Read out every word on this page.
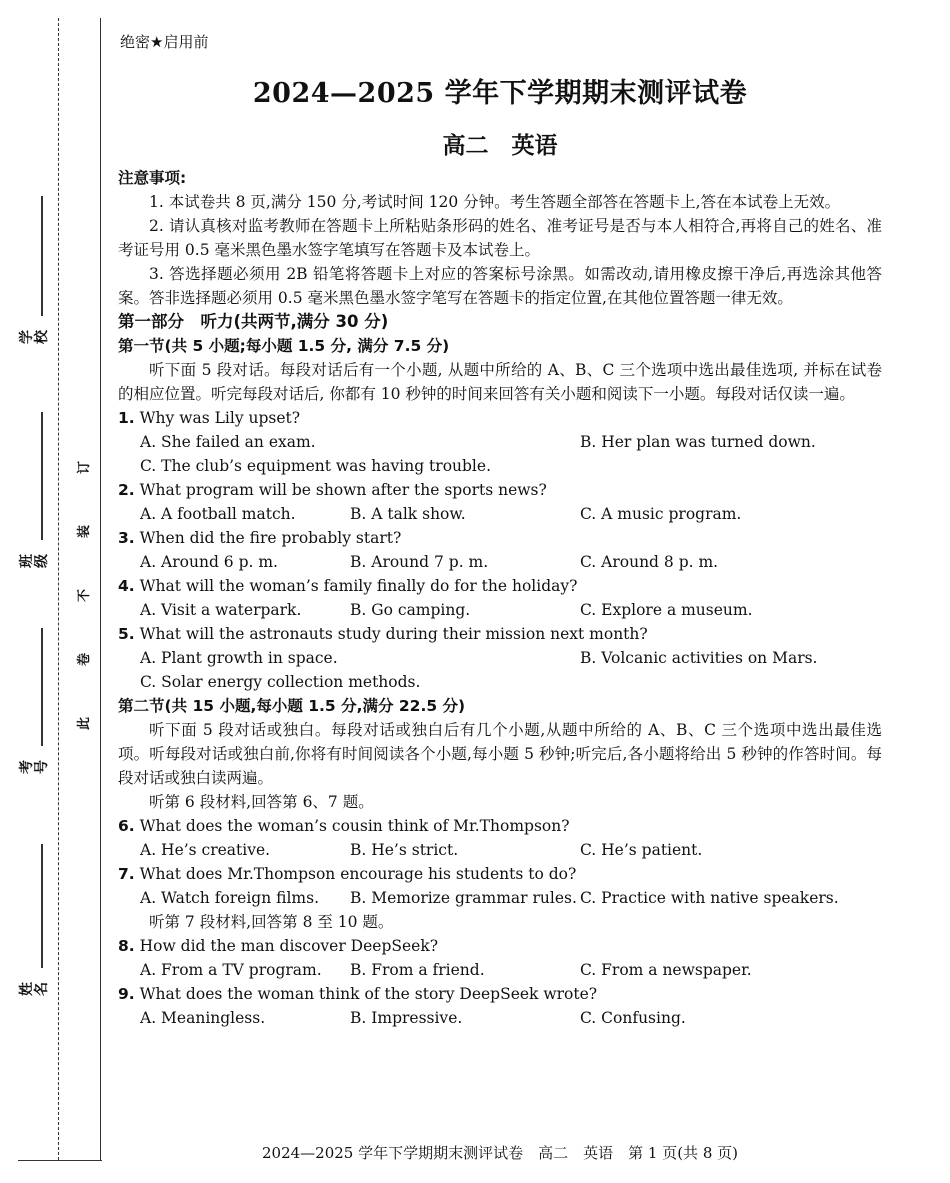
学校
班级
考号
姓名
订
装
不
卷
此
绝密★启用前
2024—2025 学年下学期期末测评试卷
高二　英语
注意事项:
1. 本试卷共 8 页,满分 150 分,考试时间 120 分钟。考生答题全部答在答题卡上,答在本试卷上无效。
2. 请认真核对监考教师在答题卡上所粘贴条形码的姓名、准考证号是否与本人相符合,再将自己的姓名、准考证号用 0.5 毫米黑色墨水签字笔填写在答题卡及本试卷上。
3. 答选择题必须用 2B 铅笔将答题卡上对应的答案标号涂黑。如需改动,请用橡皮擦干净后,再选涂其他答案。答非选择题必须用 0.5 毫米黑色墨水签字笔写在答题卡的指定位置,在其他位置答题一律无效。
第一部分　听力(共两节,满分 30 分)
第一节(共 5 小题;每小题 1.5 分, 满分 7.5 分)
听下面 5 段对话。每段对话后有一个小题, 从题中所给的 A、B、C 三个选项中选出最佳选项, 并标在试卷的相应位置。听完每段对话后, 你都有 10 秒钟的时间来回答有关小题和阅读下一小题。每段对话仅读一遍。
1. Why was Lily upset?
A. She failed an exam.	B. Her plan was turned down.
C. The club’s equipment was having trouble.
2. What program will be shown after the sports news?
A. A football match.	B. A talk show.	C. A music program.
3. When did the fire probably start?
A. Around 6 p. m.	B. Around 7 p. m.	C. Around 8 p. m.
4. What will the woman’s family finally do for the holiday?
A. Visit a waterpark.	B. Go camping.	C. Explore a museum.
5. What will the astronauts study during their mission next month?
A. Plant growth in space.	B. Volcanic activities on Mars.
C. Solar energy collection methods.
第二节(共 15 小题,每小题 1.5 分,满分 22.5 分)
听下面 5 段对话或独白。每段对话或独白后有几个小题,从题中所给的 A、B、C 三个选项中选出最佳选项。听每段对话或独白前,你将有时间阅读各个小题,每小题 5 秒钟;听完后,各小题将给出 5 秒钟的作答时间。每段对话或独白读两遍。
听第 6 段材料,回答第 6、7 题。
6. What does the woman’s cousin think of Mr.Thompson?
A. He’s creative.	B. He’s strict.	C. He’s patient.
7. What does Mr.Thompson encourage his students to do?
A. Watch foreign films.	B. Memorize grammar rules. C. Practice with native speakers.
听第 7 段材料,回答第 8 至 10 题。
8. How did the man discover DeepSeek?
A. From a TV program.	B. From a friend.	C. From a newspaper.
9. What does the woman think of the story DeepSeek wrote?
A. Meaningless.	B. Impressive.	C. Confusing.
2024—2025 学年下学期期末测评试卷　高二　英语　第 1 页(共 8 页)
